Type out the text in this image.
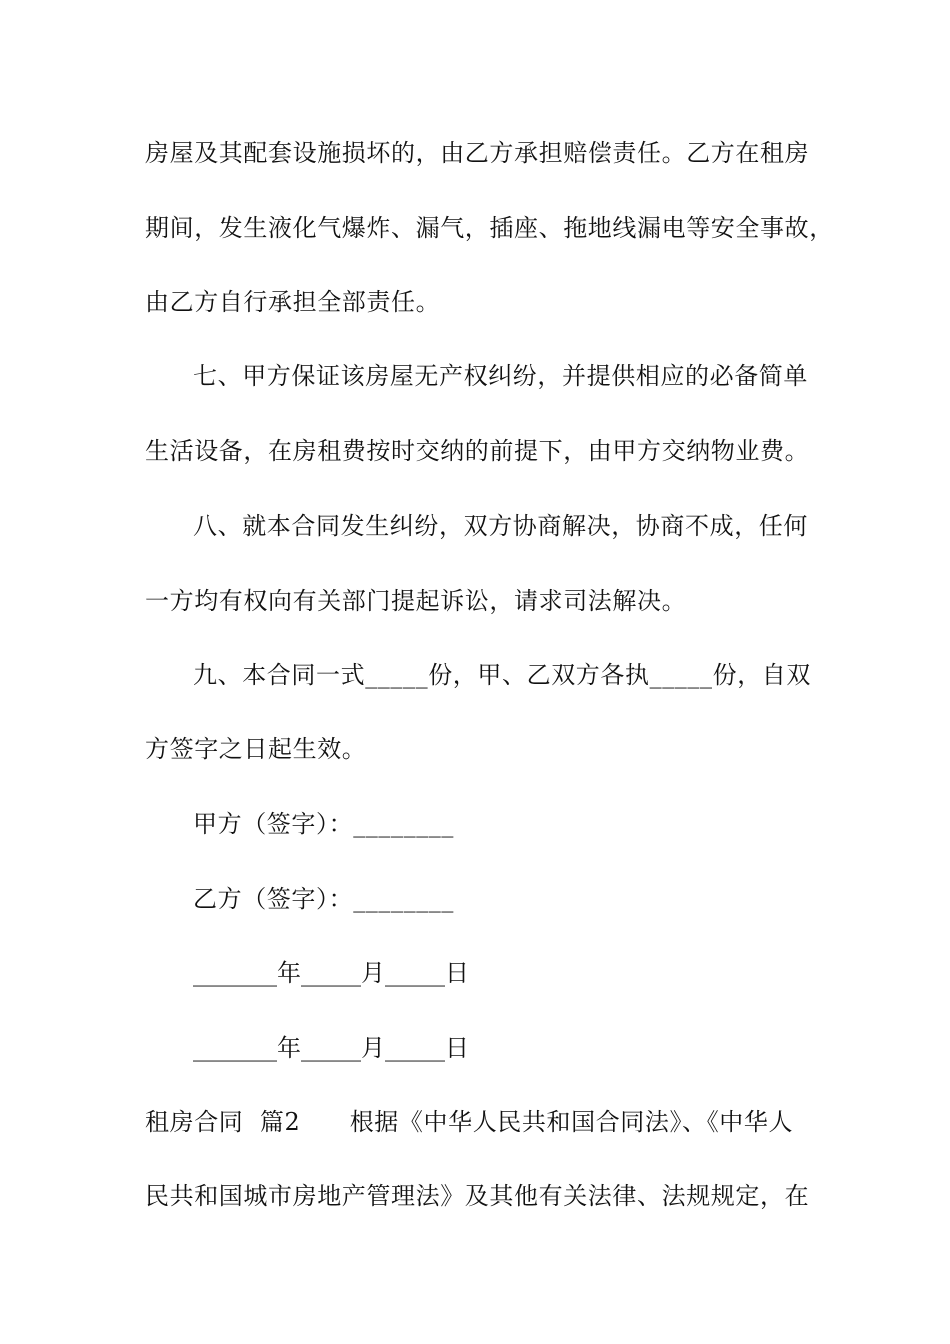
房屋及其配套设施损坏的，由乙方承担赔偿责任。乙方在租房
期间，发生液化气爆炸、漏气，插座、拖地线漏电等安全事故，
由乙方自行承担全部责任。
七、甲方保证该房屋无产权纠纷，并提供相应的必备简单
生活设备，在房租费按时交纳的前提下，由甲方交纳物业费。
八、就本合同发生纠纷，双方协商解决，协商不成，任何
一方均有权向有关部门提起诉讼，请求司法解决。
九、本合同一式_____份，甲、乙双方各执_____份，自双
方签字之日起生效。
甲方（签字）：________
乙方（签字）：________
_______年_____月_____日
_______年_____月_____日
租房合同  篇2      根据《中华人民共和国合同法》、《中华人
民共和国城市房地产管理法》及其他有关法律、法规规定，在
